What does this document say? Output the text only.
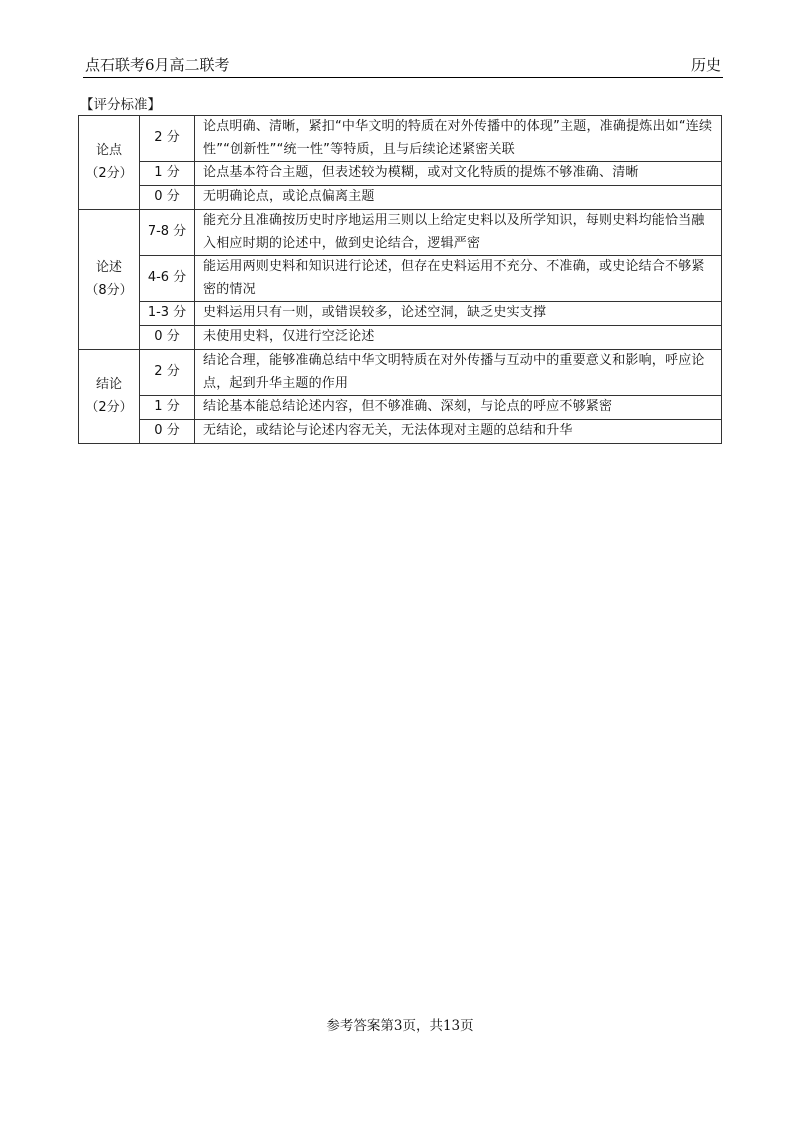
点石联考6月高二联考	历史
【评分标准】
论点
（2分）	2 分	论点明确、清晰，紧扣“中华文明的特质在对外传播中的体现”主题，准确提炼出如“连续性”“创新性”“统一性”等特质，且与后续论述紧密关联
	1 分	论点基本符合主题，但表述较为模糊，或对文化特质的提炼不够准确、清晰
	0 分	无明确论点，或论点偏离主题

论述
（8分）	7-8 分	能充分且准确按历史时序地运用三则以上给定史料以及所学知识，每则史料均能恰当融入相应时期的论述中，做到史论结合，逻辑严密
	4-6 分	能运用两则史料和知识进行论述，但存在史料运用不充分、不准确，或史论结合不够紧密的情况
	1-3 分	史料运用只有一则，或错误较多，论述空洞，缺乏史实支撑
	0 分	未使用史料，仅进行空泛论述

结论
（2分）	2 分	结论合理，能够准确总结中华文明特质在对外传播与互动中的重要意义和影响，呼应论点，起到升华主题的作用
	1 分	结论基本能总结论述内容，但不够准确、深刻，与论点的呼应不够紧密
	0 分	无结论，或结论与论述内容无关，无法体现对主题的总结和升华
参考答案第3页，共13页
